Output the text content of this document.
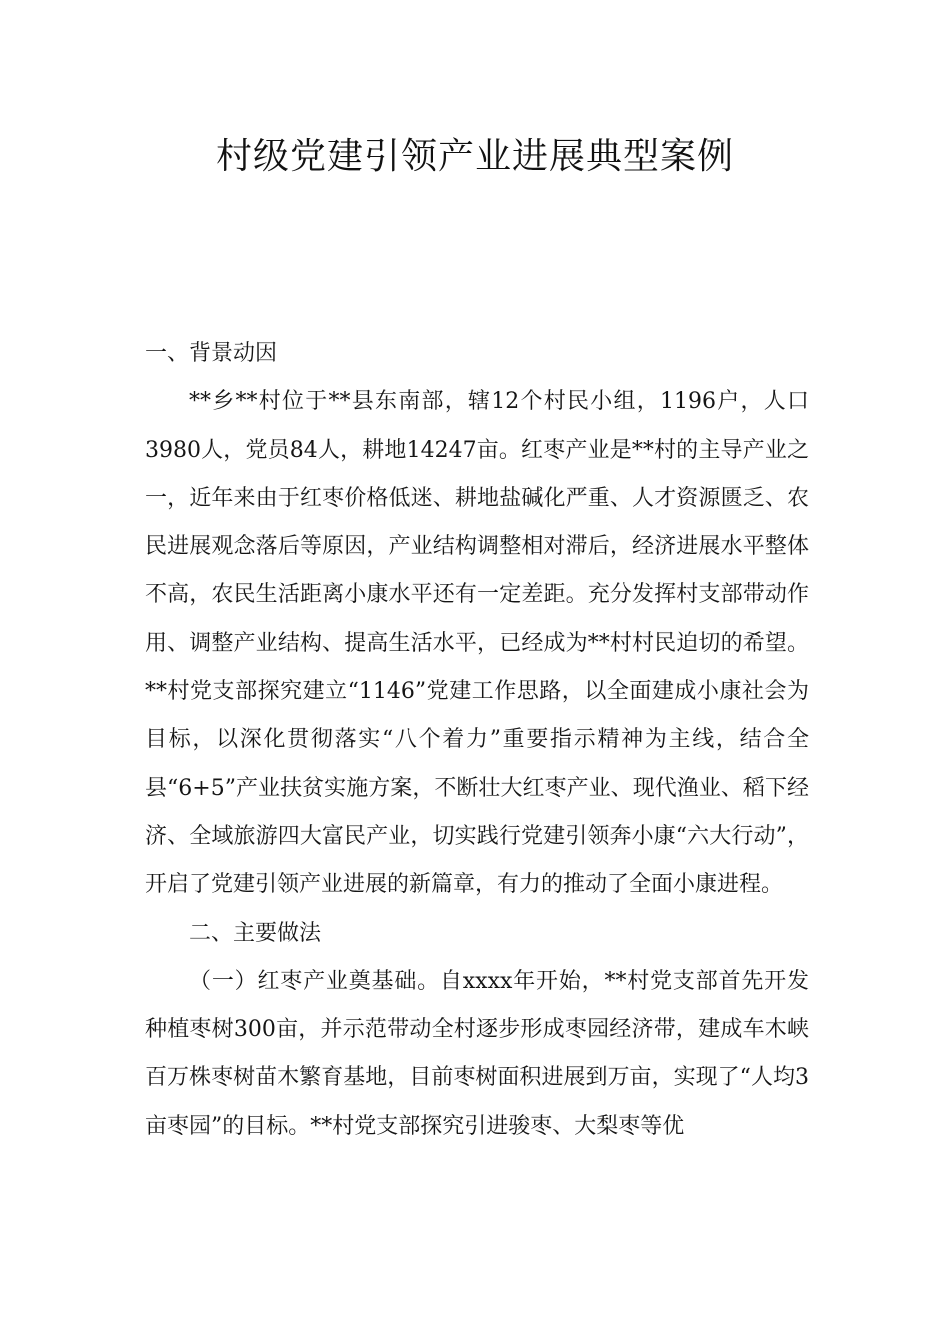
村级党建引领产业进展典型案例

一、背景动因

**乡**村位于**县东南部，辖12个村民小组，1196户，人口3980人，党员84人，耕地14247亩。红枣产业是**村的主导产业之一，近年来由于红枣价格低迷、耕地盐碱化严重、人才资源匮乏、农民进展观念落后等原因，产业结构调整相对滞后，经济进展水平整体不高，农民生活距离小康水平还有一定差距。充分发挥村支部带动作用、调整产业结构、提高生活水平，已经成为**村村民迫切的希望。**村党支部探究建立“1146”党建工作思路，以全面建成小康社会为目标，以深化贯彻落实“八个着力”重要指示精神为主线，结合全县“6+5”产业扶贫实施方案，不断壮大红枣产业、现代渔业、稻下经济、全域旅游四大富民产业，切实践行党建引领奔小康“六大行动”，开启了党建引领产业进展的新篇章，有力的推动了全面小康进程。

二、主要做法

（一）红枣产业奠基础。自xxxx年开始，**村党支部首先开发种植枣树300亩，并示范带动全村逐步形成枣园经济带，建成车木峡百万株枣树苗木繁育基地，目前枣树面积进展到万亩，实现了“人均3亩枣园”的目标。**村党支部探究引进骏枣、大梨枣等优
